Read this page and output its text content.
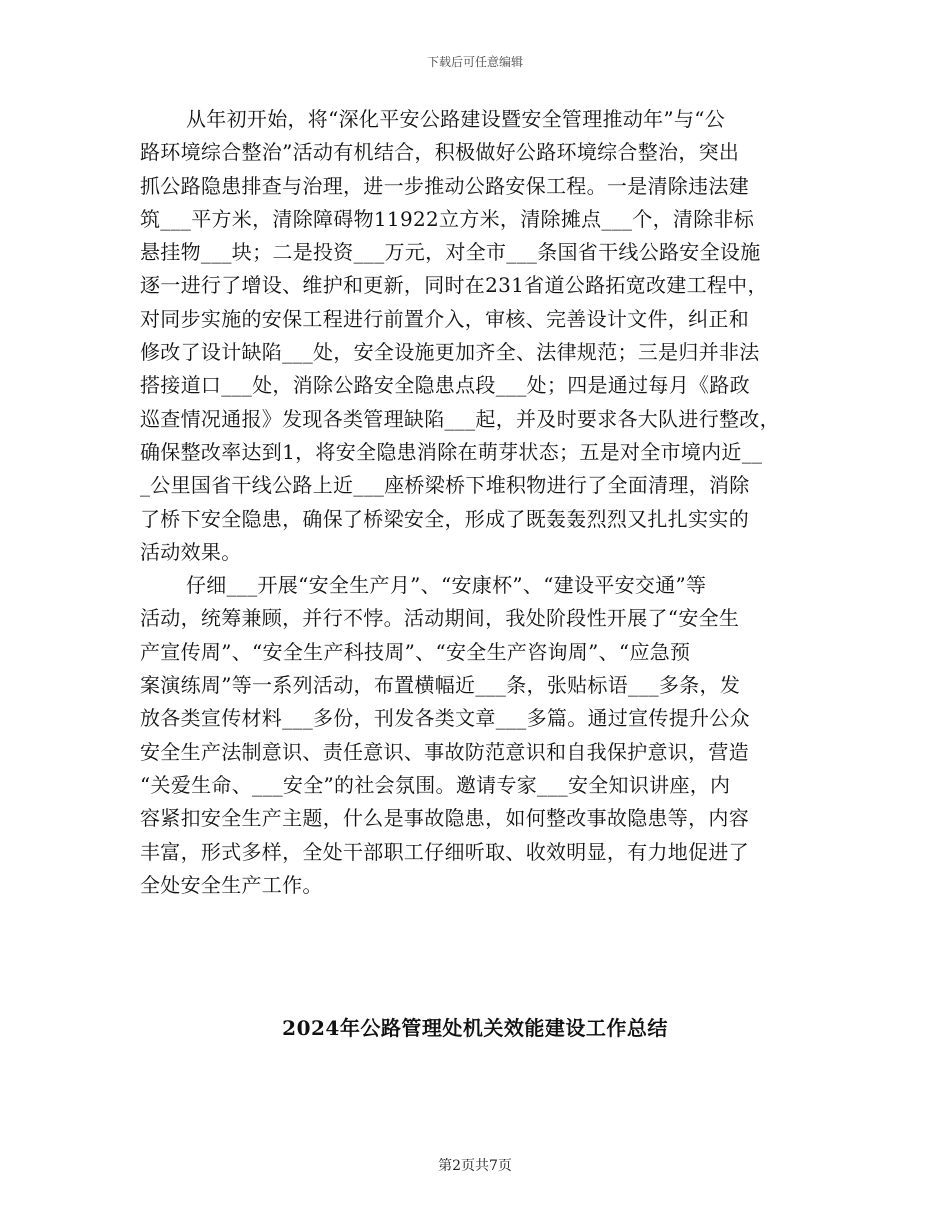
下载后可任意编辑
从年初开始，将“深化平安公路建设暨安全管理推动年”与“公
路环境综合整治”活动有机结合，积极做好公路环境综合整治，突出
抓公路隐患排查与治理，进一步推动公路安保工程。一是清除违法建
筑___平方米，清除障碍物11922立方米，清除摊点___个，清除非标
悬挂物___块；二是投资___万元，对全市___条国省干线公路安全设施
逐一进行了增设、维护和更新，同时在231省道公路拓宽改建工程中，
对同步实施的安保工程进行前置介入，审核、完善设计文件，纠正和
修改了设计缺陷___处，安全设施更加齐全、法律规范；三是归并非法
搭接道口___处，消除公路安全隐患点段___处；四是通过每月《路政
巡查情况通报》发现各类管理缺陷___起，并及时要求各大队进行整改，
确保整改率达到1，将安全隐患消除在萌芽状态；五是对全市境内近__
_公里国省干线公路上近___座桥梁桥下堆积物进行了全面清理，消除
了桥下安全隐患，确保了桥梁安全，形成了既轰轰烈烈又扎扎实实的
活动效果。
仔细___开展“安全生产月”、“安康杯”、“建设平安交通”等
活动，统筹兼顾，并行不悖。活动期间，我处阶段性开展了“安全生
产宣传周”、“安全生产科技周”、“安全生产咨询周”、“应急预
案演练周”等一系列活动，布置横幅近___条，张贴标语___多条，发
放各类宣传材料___多份，刊发各类文章___多篇。通过宣传提升公众
安全生产法制意识、责任意识、事故防范意识和自我保护意识，营造
“关爱生命、___安全”的社会氛围。邀请专家___安全知识讲座，内
容紧扣安全生产主题，什么是事故隐患，如何整改事故隐患等，内容
丰富，形式多样，全处干部职工仔细听取、收效明显，有力地促进了
全处安全生产工作。
2024年公路管理处机关效能建设工作总结
第2页共7页
